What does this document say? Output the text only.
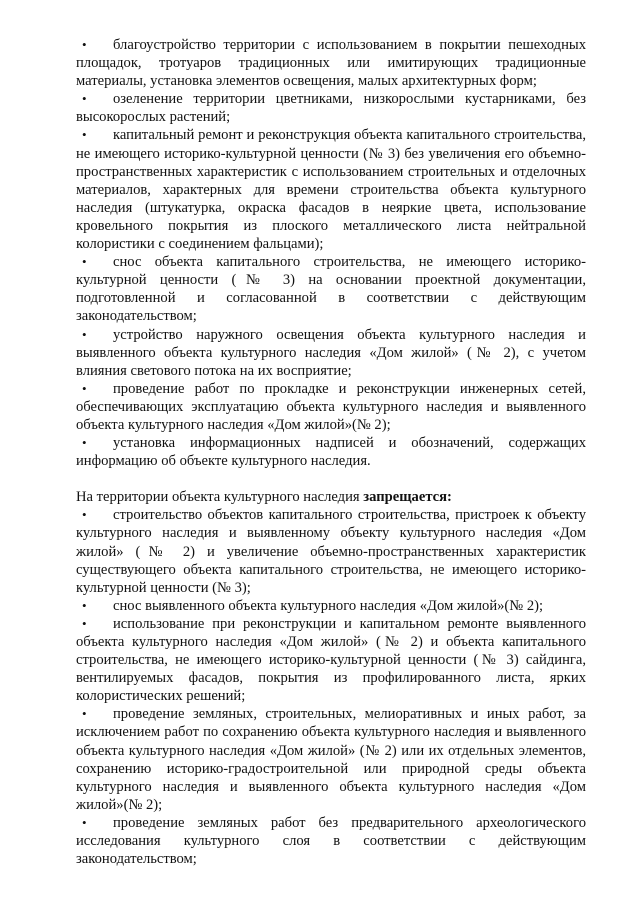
• благоустройство территории с использованием в покрытии пешеходных площадок, тротуаров традиционных или имитирующих традиционные материалы, установка элементов освещения, малых архитектурных форм;
• озеленение территории цветниками, низкорослыми кустарниками, без высокорослых растений;
• капитальный ремонт и реконструкция объекта капитального строительства, не имеющего историко-культурной ценности (№ 3) без увеличения его объемно-пространственных характеристик с использованием строительных и отделочных материалов, характерных для времени строительства объекта культурного наследия (штукатурка, окраска фасадов в неяркие цвета, использование кровельного покрытия из плоского металлического листа нейтральной колористики с соединением фальцами);
• снос объекта капитального строительства, не имеющего историко-культурной ценности (№ 3) на основании проектной документации, подготовленной и согласованной в соответствии с действующим законодательством;
• устройство наружного освещения объекта культурного наследия и выявленного объекта культурного наследия «Дом жилой» (№ 2), с учетом влияния светового потока на их восприятие;
• проведение работ по прокладке и реконструкции инженерных сетей, обеспечивающих эксплуатацию объекта культурного наследия и выявленного объекта культурного наследия «Дом жилой»(№ 2);
• установка информационных надписей и обозначений, содержащих информацию об объекте культурного наследия.

На территории объекта культурного наследия запрещается:

• строительство объектов капитального строительства, пристроек к объекту культурного наследия и выявленному объекту культурного наследия «Дом жилой» (№ 2) и увеличение объемно-пространственных характеристик существующего объекта капитального строительства, не имеющего историко-культурной ценности (№ 3);
• снос выявленного объекта культурного наследия «Дом жилой»(№ 2);
• использование при реконструкции и капитальном ремонте выявленного объекта культурного наследия «Дом жилой» (№ 2) и объекта капитального строительства, не имеющего историко-культурной ценности (№ 3) сайдинга, вентилируемых фасадов, покрытия из профилированного листа, ярких колористических решений;
• проведение земляных, строительных, мелиоративных и иных работ, за исключением работ по сохранению объекта культурного наследия и выявленного объекта культурного наследия «Дом жилой» (№ 2) или их отдельных элементов, сохранению историко-градостроительной или природной среды объекта культурного наследия и выявленного объекта культурного наследия «Дом жилой»(№ 2);
• проведение земляных работ без предварительного археологического исследования культурного слоя в соответствии с действующим законодательством;
